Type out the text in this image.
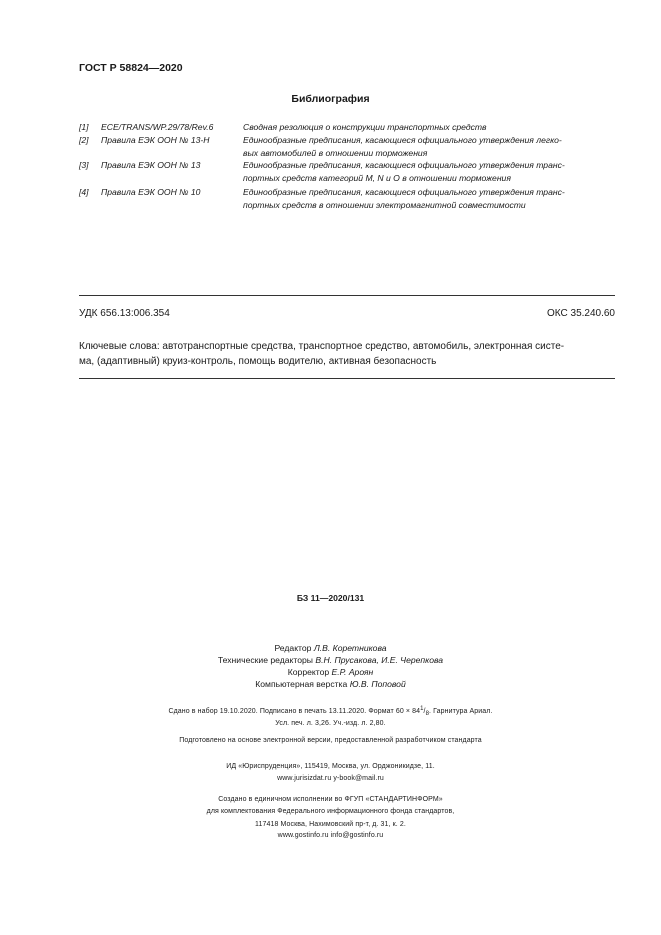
ГОСТ Р 58824—2020
Библиография
[1] ECE/TRANS/WP.29/78/Rev.6	Сводная резолюция о конструкции транспортных средств
[2] Правила ЕЭК ООН № 13-H	Единообразные предписания, касающиеся официального утверждения легко-
вых автомобилей в отношении торможения
[3] Правила ЕЭК ООН № 13	Единообразные предписания, касающиеся официального утверждения транс-
портных средств категорий M, N и O в отношении торможения
[4] Правила ЕЭК ООН № 10	Единообразные предписания, касающиеся официального утверждения транс-
портных средств в отношении электромагнитной совместимости
УДК 656.13:006.354	ОКС 35.240.60
Ключевые слова: автотранспортные средства, транспортное средство, автомобиль, электронная систе-
ма, (адаптивный) круиз-контроль, помощь водителю, активная безопасность
БЗ 11—2020/131
Редактор Л.В. Коретникова
Технические редакторы В.Н. Прусакова, И.Е. Черепкова
Корректор Е.Р. Ароян
Компьютерная верстка Ю.В. Поповой
Сдано в набор 19.10.2020. Подписано в печать 13.11.2020. Формат 60 × 841/8. Гарнитура Ариал.
Усл. печ. л. 3,26. Уч.-изд. л. 2,80.
Подготовлено на основе электронной версии, предоставленной разработчиком стандарта
ИД «Юриспруденция», 115419, Москва, ул. Орджоникидзе, 11.
www.jurisizdat.ru y-book@mail.ru
Создано в единичном исполнении во ФГУП «СТАНДАРТИНФОРМ»
для комплектования Федерального информационного фонда стандартов,
117418 Москва, Нахимовский пр-т, д. 31, к. 2.
www.gostinfo.ru info@gostinfo.ru
